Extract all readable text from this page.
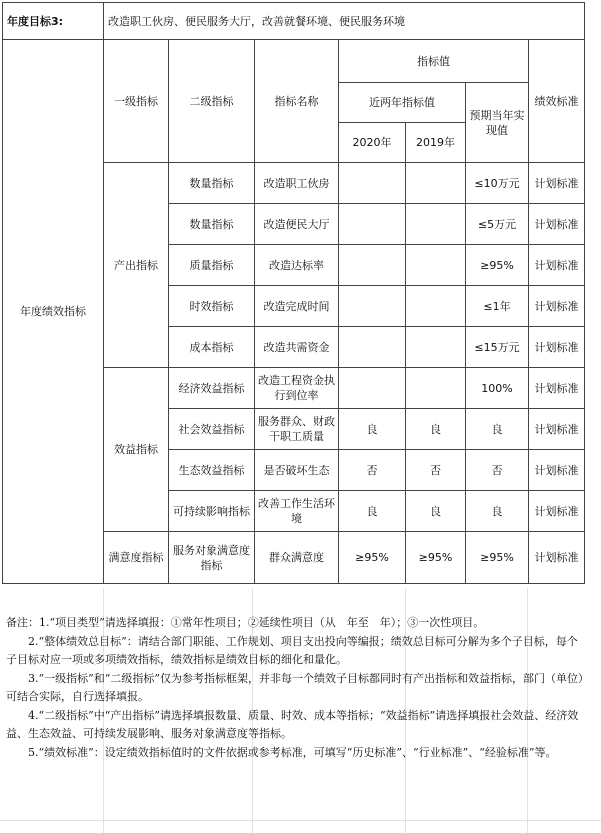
年度目标3:	改造职工伙房、便民服务大厅，改善就餐环境、便民服务环境						
年度绩效指标	一级指标	二级指标	指标名称	指标值			绩效标准
				近两年指标值		预期当年实现值	
				2020年	2019年		
	产出指标	数量指标	改造职工伙房			≤10万元	计划标准
		数量指标	改造便民大厅			≤5万元	计划标准
		质量指标	改造达标率			≥95%	计划标准
		时效指标	改造完成时间			≤1年	计划标准
		成本指标	改造共需资金			≤15万元	计划标准
	效益指标	经济效益指标	改造工程资金执行到位率			100%	计划标准
		社会效益指标	服务群众、财政干职工质量	良	良	良	计划标准
		生态效益指标	是否破坏生态	否	否	否	计划标准
		可持续影响指标	改善工作生活环境	良	良	良	计划标准
	满意度指标	服务对象满意度指标	群众满意度	≥95%	≥95%	≥95%	计划标准

备注：1.“项目类型”请选择填报：①常年性项目；②延续性项目（从　年至　年）；③一次性项目。

2.“整体绩效总目标”：请结合部门职能、工作规划、项目支出投向等编报；绩效总目标可分解为多个子目标，每个子目标对应一项或多项绩效指标，绩效指标是绩效目标的细化和量化。

3.“一级指标”和“二级指标”仅为参考指标框架，并非每一个绩效子目标都同时有产出指标和效益指标，部门（单位）可结合实际，自行选择填报。

4.“二级指标”中“产出指标”请选择填报数量、质量、时效、成本等指标；“效益指标”请选择填报社会效益、经济效益、生态效益、可持续发展影响、服务对象满意度等指标。

5.“绩效标准”：设定绩效指标值时的文件依据或参考标准，可填写“历史标准”、“行业标准”、“经验标准”等。
